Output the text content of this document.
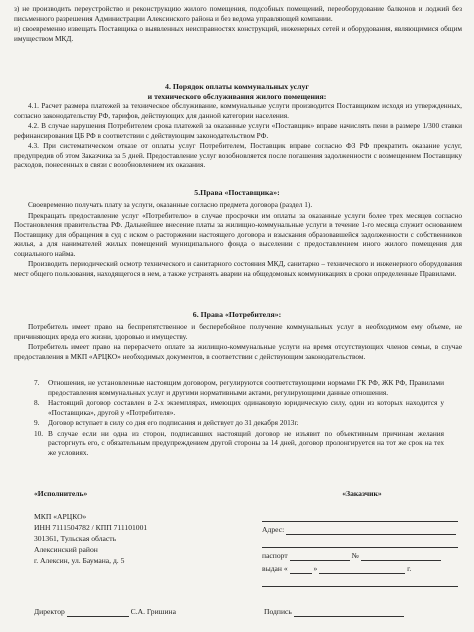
з) не производить переустройство и реконструкцию жилого помещения, подсобных помещений, переоборудование балконов и лоджий без письменного разрешения Администрации Алексинского района и без ведома управляющей компании.

и) своевременно извещать Поставщика о выявленных неисправностях конструкций, инженерных сетей и оборудования, являющимися общим имуществом МКД.

4. Порядок оплаты коммунальных услуг
и технического обслуживания жилого помещения:

4.1. Расчет размера платежей за техническое обслуживание, коммунальные услуги производится Поставщиком исходя из утвержденных, согласно законодательству РФ, тарифов, действующих для данной категории населения.

4.2. В случае нарушения Потребителем срока платежей за оказанные услуги «Поставщик» вправе начислять пени в размере 1/300 ставки рефинансирования ЦБ РФ в соответствии с действующим законодательством РФ.

4.3. При систематическом отказе от оплаты услуг Потребителем, Поставщик вправе согласно ФЗ РФ прекратить оказание услуг, предупредив об этом Заказчика за 5 дней. Предоставление услуг возобновляется после погашения задолженности с возмещением Поставщику расходов, понесенных в связи с возобновлением их оказания.

5.Права «Поставщика»:

Своевременно получать плату за услуги, оказанные согласно предмета договора (раздел 1).

Прекращать предоставление услуг «Потребителю» в случае просрочки им оплаты за оказанные услуги более трех месяцев согласно Постановления правительства РФ. Дальнейшее внесение платы за жилищно-коммунальные услуги в течение 1-го месяца служит основанием Поставщику для обращения в суд с иском о расторжении настоящего договора и взыскания образовавшейся задолженности с собственников жилья, а для нанимателей жилых помещений муниципального фонда о выселении с предоставлением иного жилого помещения для социального найма.

Производить периодический осмотр технического и санитарного состояния МКД, санитарно – технического и инженерного оборудования мест общего пользования, находящегося в нем, а также устранять аварии на общедомовых коммуникациях в сроки определенные Правилами.

6. Права «Потребителя»:

Потребитель имеет право на беспрепятственное и бесперебойное получение коммунальных услуг в необходимом ему объеме, не причиняющих вреда его жизни, здоровью и имуществу.

Потребитель имеет право на перерасчето оплате за жилищно-коммунальные услуги на время отсутствующих членов семьи, в случае предоставления в МКП «АРЦКО» необходимых документов, в соответствии с действующим законодательством.

7. Отношения, не установленные настоящим договором, регулируются соответствующими нормами ГК РФ, ЖК РФ, Правилами предоставления коммунальных услуг и другими нормативными актами, регулирующими данные отношения.
8. Настоящий договор составлен в 2-х экземплярах, имеющих одинаковую юридическую силу, один из которых находится у «Поставщика», другой у «Потребителя».
9. Договор вступает в силу со дня его подписания и действует до 31 декабря 2013г.
10. В случае если ни одна из сторон, подписавших настоящий договор не изъявит по объективным причинам желания расторгнуть его, с обязательным предупреждением другой стороны за 14 дней, договор пролонгируется на тот же срок на тех же условиях.
«Исполнитель»
МКП «АРЦКО»
ИНН 7111504782 / КПП 711101001
301361, Тульская область
Алексинский район
г. Алексин, ул. Баумана, д. 5
Директор	С.А. Гришина
«Заказчик»
Адрес:
паспорт	№
выдан «	»	г.
Подпись
